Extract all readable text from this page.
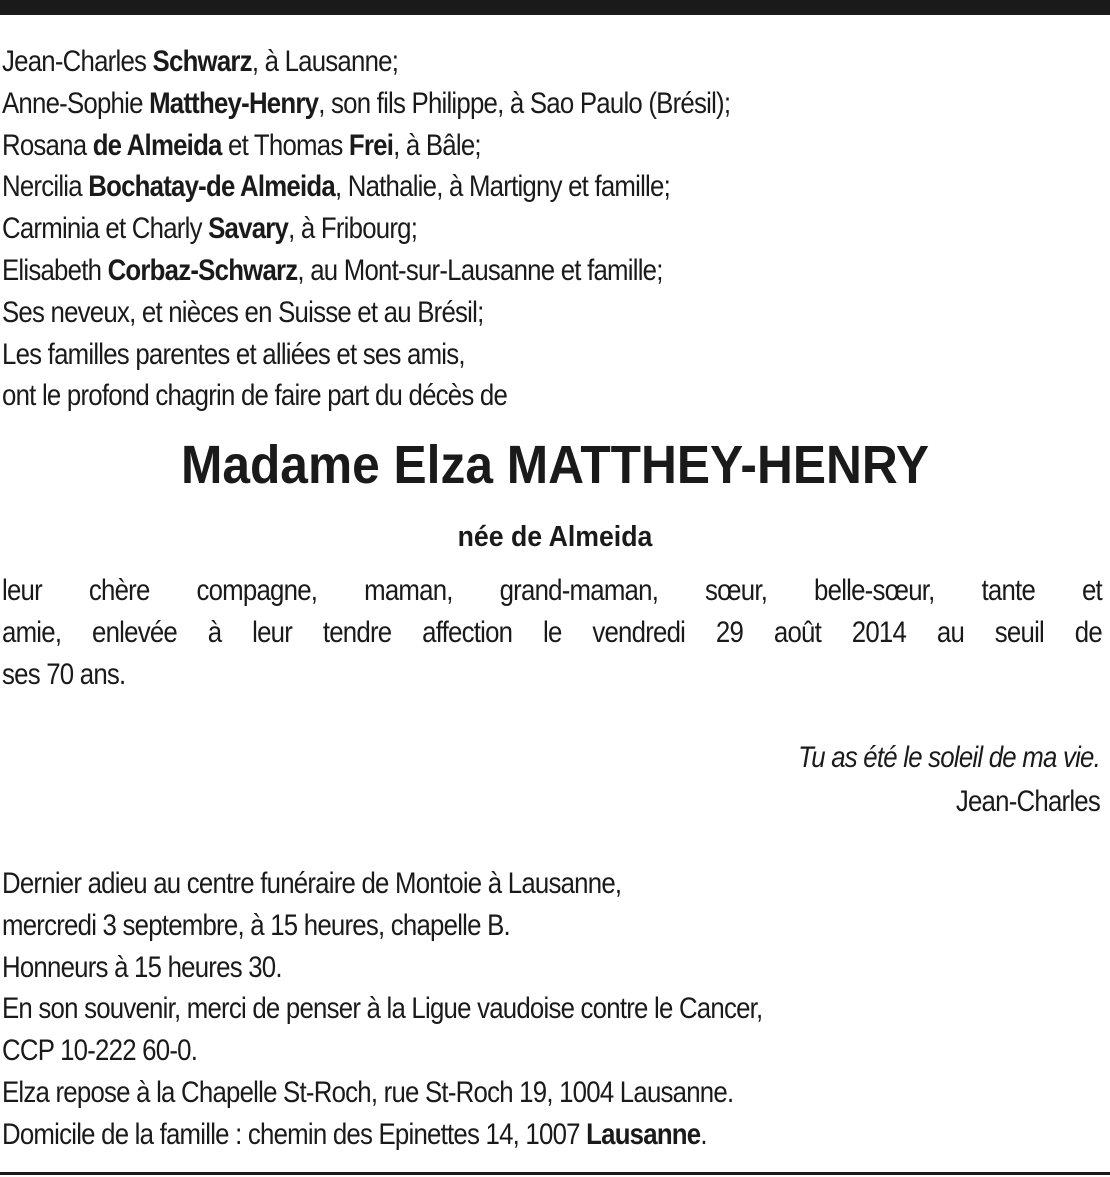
Jean-Charles Schwarz, à Lausanne;
Anne-Sophie Matthey-Henry, son fils Philippe, à Sao Paulo (Brésil);
Rosana de Almeida et Thomas Frei, à Bâle;
Nercilia Bochatay-de Almeida, Nathalie, à Martigny et famille;
Carminia et Charly Savary, à Fribourg;
Elisabeth Corbaz-Schwarz, au Mont-sur-Lausanne et famille;
Ses neveux, et nièces en Suisse et au Brésil;
Les familles parentes et alliées et ses amis,
ont le profond chagrin de faire part du décès de
Madame Elza MATTHEY-HENRY
née de Almeida
leur chère compagne, maman, grand-maman, sœur, belle-sœur, tante et
amie, enlevée à leur tendre affection le vendredi 29 août 2014 au seuil de
ses 70 ans.
Tu as été le soleil de ma vie.
Jean-Charles
Dernier adieu au centre funéraire de Montoie à Lausanne,
mercredi 3 septembre, à 15 heures, chapelle B.
Honneurs à 15 heures 30.
En son souvenir, merci de penser à la Ligue vaudoise contre le Cancer,
CCP 10-222 60-0.
Elza repose à la Chapelle St-Roch, rue St-Roch 19, 1004 Lausanne.
Domicile de la famille : chemin des Epinettes 14, 1007 Lausanne.
